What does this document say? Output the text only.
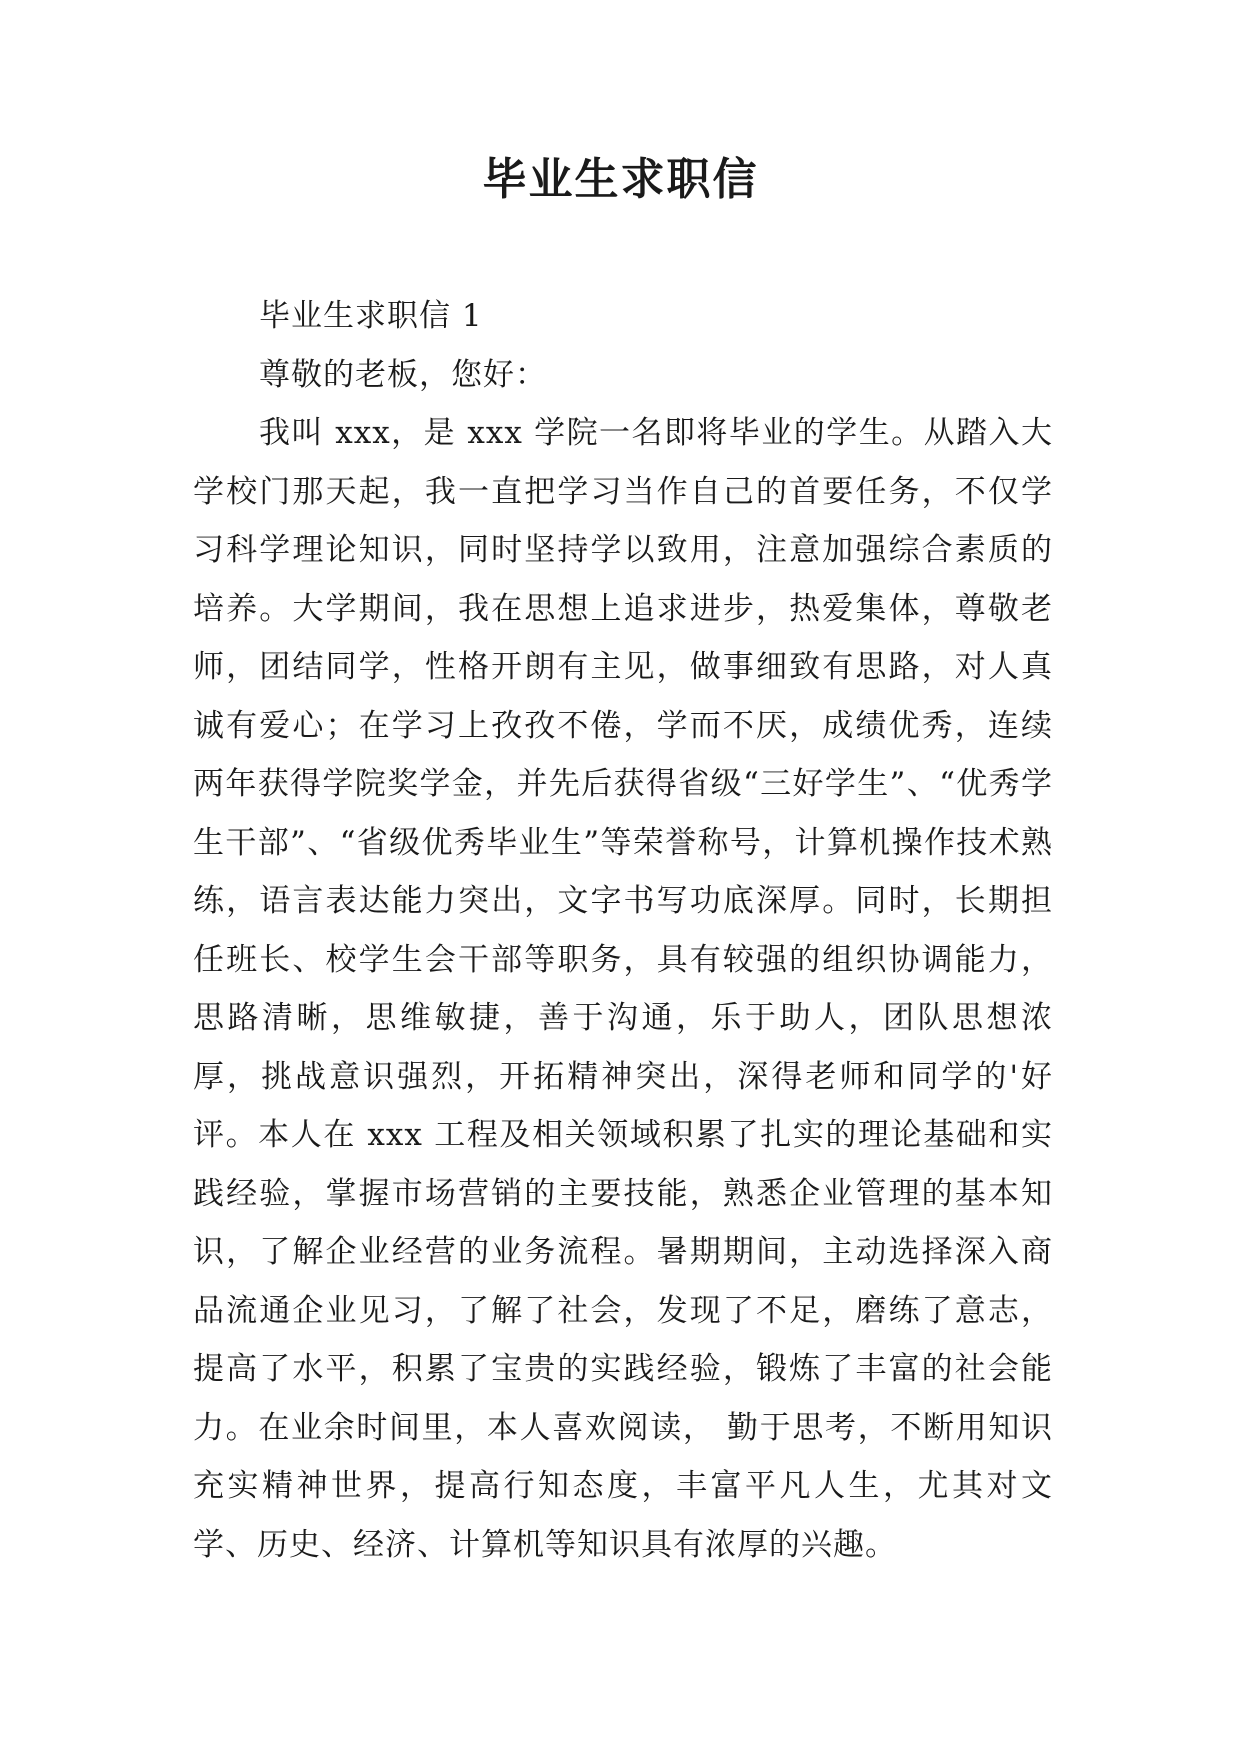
毕业生求职信

毕业生求职信 1

尊敬的老板，您好：

我叫 xxx，是 xxx 学院一名即将毕业的学生。从踏入大学校门那天起，我一直把学习当作自己的首要任务，不仅学习科学理论知识，同时坚持学以致用，注意加强综合素质的培养。大学期间，我在思想上追求进步，热爱集体，尊敬老师，团结同学，性格开朗有主见，做事细致有思路，对人真诚有爱心；在学习上孜孜不倦，学而不厌，成绩优秀，连续两年获得学院奖学金，并先后获得省级“三好学生”、“优秀学生干部”、“省级优秀毕业生”等荣誉称号，计算机操作技术熟练，语言表达能力突出，文字书写功底深厚。同时，长期担任班长、校学生会干部等职务，具有较强的组织协调能力，思路清晰，思维敏捷，善于沟通，乐于助人，团队思想浓厚，挑战意识强烈，开拓精神突出，深得老师和同学的'好评。本人在 xxx 工程及相关领域积累了扎实的理论基础和实践经验，掌握市场营销的主要技能，熟悉企业管理的基本知识，了解企业经营的业务流程。暑期期间，主动选择深入商品流通企业见习，了解了社会，发现了不足，磨练了意志，提高了水平，积累了宝贵的实践经验，锻炼了丰富的社会能力。在业余时间里，本人喜欢阅读， 勤于思考，不断用知识充实精神世界，提高行知态度，丰富平凡人生，尤其对文学、历史、经济、计算机等知识具有浓厚的兴趣。
